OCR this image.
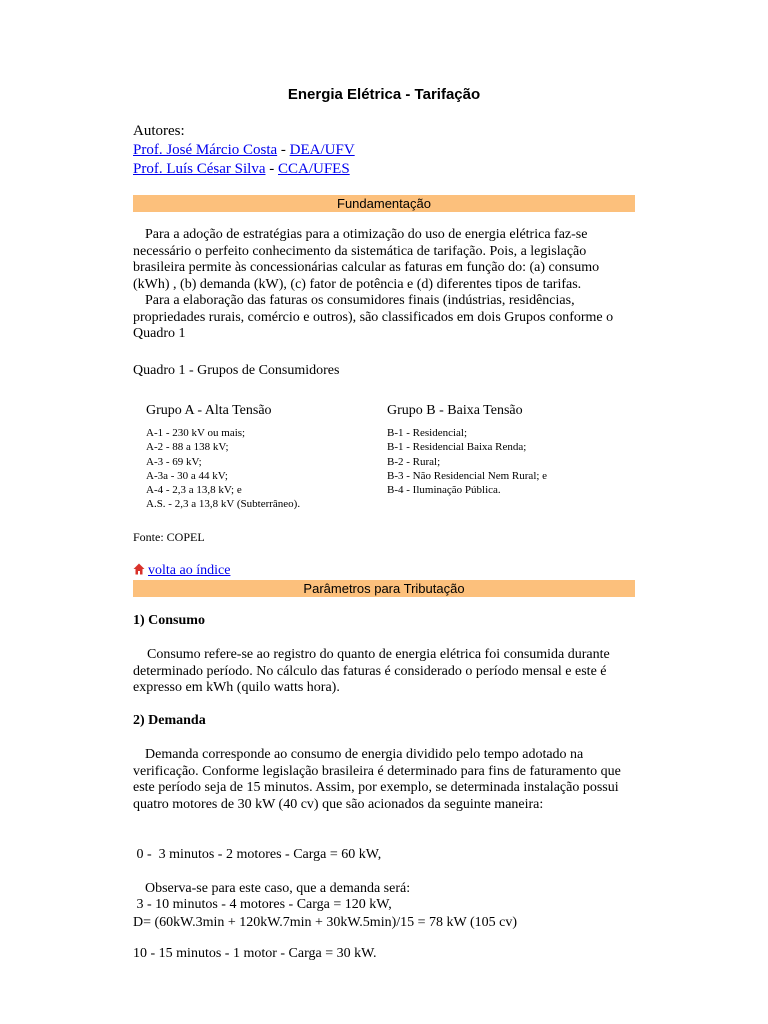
Energia Elétrica - Tarifação
Autores:
Prof. José Márcio Costa - DEA/UFV
Prof. Luís César Silva - CCA/UFES
Fundamentação
Para a adoção de estratégias para a otimização do uso de energia elétrica faz-se necessário o perfeito conhecimento da sistemática de tarifação. Pois, a legislação brasileira permite às concessionárias calcular as faturas em função do: (a) consumo (kWh) , (b) demanda (kW), (c) fator de potência e (d) diferentes tipos de tarifas.
Para a elaboração das faturas os consumidores finais (indústrias, residências, propriedades rurais, comércio e outros), são classificados em dois Grupos conforme o Quadro 1
Quadro 1 - Grupos de Consumidores
Grupo A - Alta Tensão
A-1 - 230 kV ou mais;
A-2 - 88 a 138 kV;
A-3 - 69 kV;
A-3a - 30 a 44 kV;
A-4 - 2,3 a 13,8 kV; e
A.S. - 2,3 a 13,8 kV (Subterrâneo).
Grupo B - Baixa Tensão
B-1 - Residencial;
B-1 - Residencial Baixa Renda;
B-2 - Rural;
B-3 - Não Residencial Nem Rural; e
B-4 - Iluminação Pública.
Fonte: COPEL
volta ao índice
Parâmetros para Tributação
1) Consumo
Consumo refere-se ao registro do quanto de energia elétrica foi consumida durante determinado período. No cálculo das faturas é considerado o período mensal e este é expresso em kWh (quilo watts hora).
2) Demanda
Demanda corresponde ao consumo de energia dividido pelo tempo adotado na verificação. Conforme legislação brasileira é determinado para fins de faturamento que este período seja de 15 minutos. Assim, por exemplo, se determinada instalação possui quatro motores de 30 kW (40 cv) que são acionados da seguinte maneira:

0 -  3 minutos - 2 motores - Carga = 60 kW,

3 - 10 minutos - 4 motores - Carga = 120 kW,

10 - 15 minutos - 1 motor - Carga = 30 kW.

Observa-se para este caso, que a demanda será:
D= (60kW.3min + 120kW.7min + 30kW.5min)/15 = 78 kW (105 cv)
